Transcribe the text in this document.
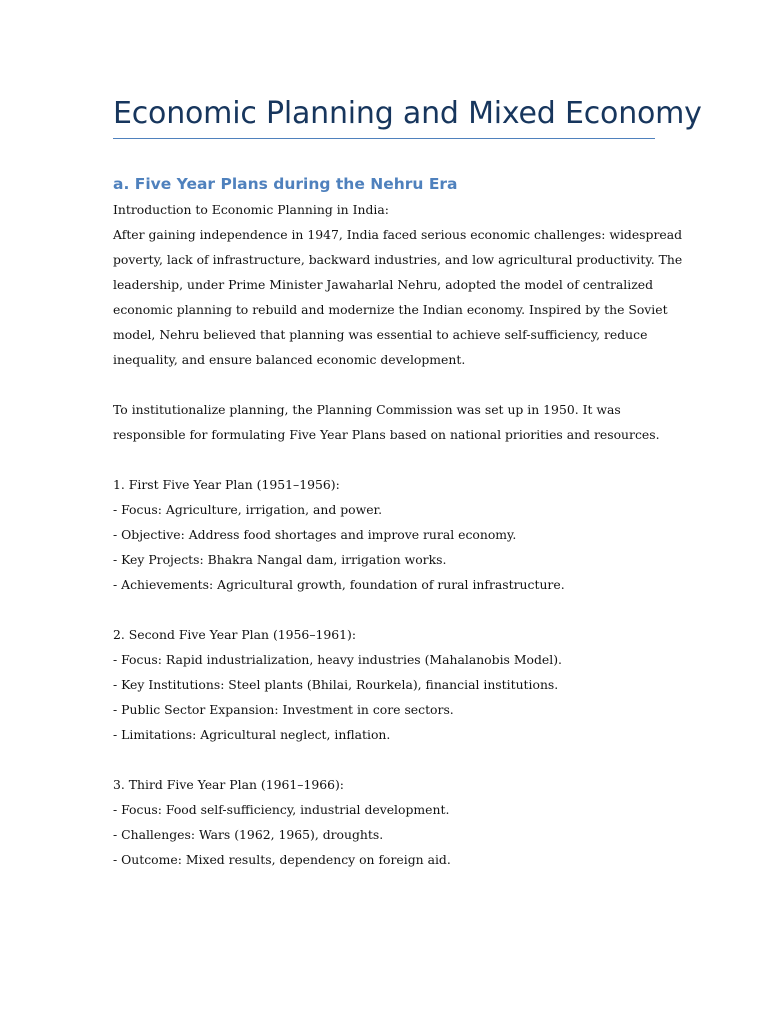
Economic Planning and Mixed Economy
a. Five Year Plans during the Nehru Era
Introduction to Economic Planning in India:
After gaining independence in 1947, India faced serious economic challenges: widespread
poverty, lack of infrastructure, backward industries, and low agricultural productivity. The
leadership, under Prime Minister Jawaharlal Nehru, adopted the model of centralized
economic planning to rebuild and modernize the Indian economy. Inspired by the Soviet
model, Nehru believed that planning was essential to achieve self-sufficiency, reduce
inequality, and ensure balanced economic development.
To institutionalize planning, the Planning Commission was set up in 1950. It was
responsible for formulating Five Year Plans based on national priorities and resources.
1. First Five Year Plan (1951–1956):
- Focus: Agriculture, irrigation, and power.
- Objective: Address food shortages and improve rural economy.
- Key Projects: Bhakra Nangal dam, irrigation works.
- Achievements: Agricultural growth, foundation of rural infrastructure.
2. Second Five Year Plan (1956–1961):
- Focus: Rapid industrialization, heavy industries (Mahalanobis Model).
- Key Institutions: Steel plants (Bhilai, Rourkela), financial institutions.
- Public Sector Expansion: Investment in core sectors.
- Limitations: Agricultural neglect, inflation.
3. Third Five Year Plan (1961–1966):
- Focus: Food self-sufficiency, industrial development.
- Challenges: Wars (1962, 1965), droughts.
- Outcome: Mixed results, dependency on foreign aid.
